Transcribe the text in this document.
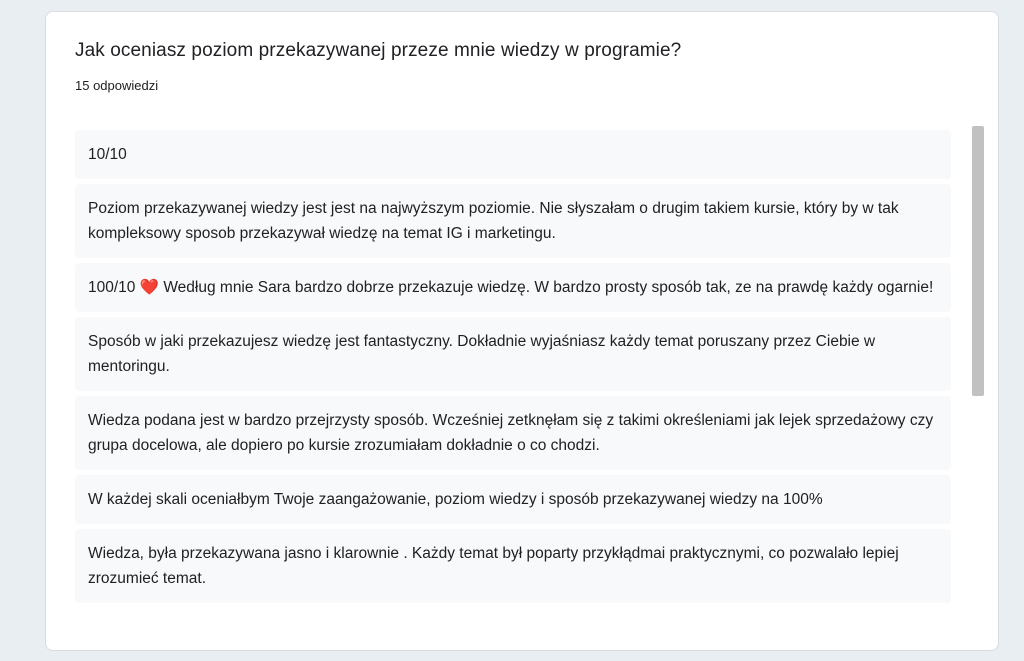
Jak oceniasz poziom przekazywanej przeze mnie wiedzy w programie?
15 odpowiedzi
10/10
Poziom przekazywanej wiedzy jest jest na najwyższym poziomie. Nie słyszałam o drugim takiem kursie, który by w tak kompleksowy sposob przekazywał wiedzę na temat IG i marketingu.
100/10 ❤️ Według mnie Sara bardzo dobrze przekazuje wiedzę. W bardzo prosty sposób tak, ze na prawdę każdy ogarnie!
Sposób w jaki przekazujesz wiedzę jest fantastyczny. Dokładnie wyjaśniasz każdy temat poruszany przez Ciebie w mentoringu.
Wiedza podana jest w bardzo przejrzysty sposób. Wcześniej zetknęłam się z takimi określeniami jak lejek sprzedażowy czy grupa docelowa, ale dopiero po kursie zrozumiałam dokładnie o co chodzi.
W każdej skali oceniałbym Twoje zaangażowanie, poziom wiedzy i sposób przekazywanej wiedzy na 100%
Wiedza, była przekazywana jasno i klarownie . Każdy temat był poparty przykłądmai praktycznymi, co pozwalało lepiej zrozumieć temat.
